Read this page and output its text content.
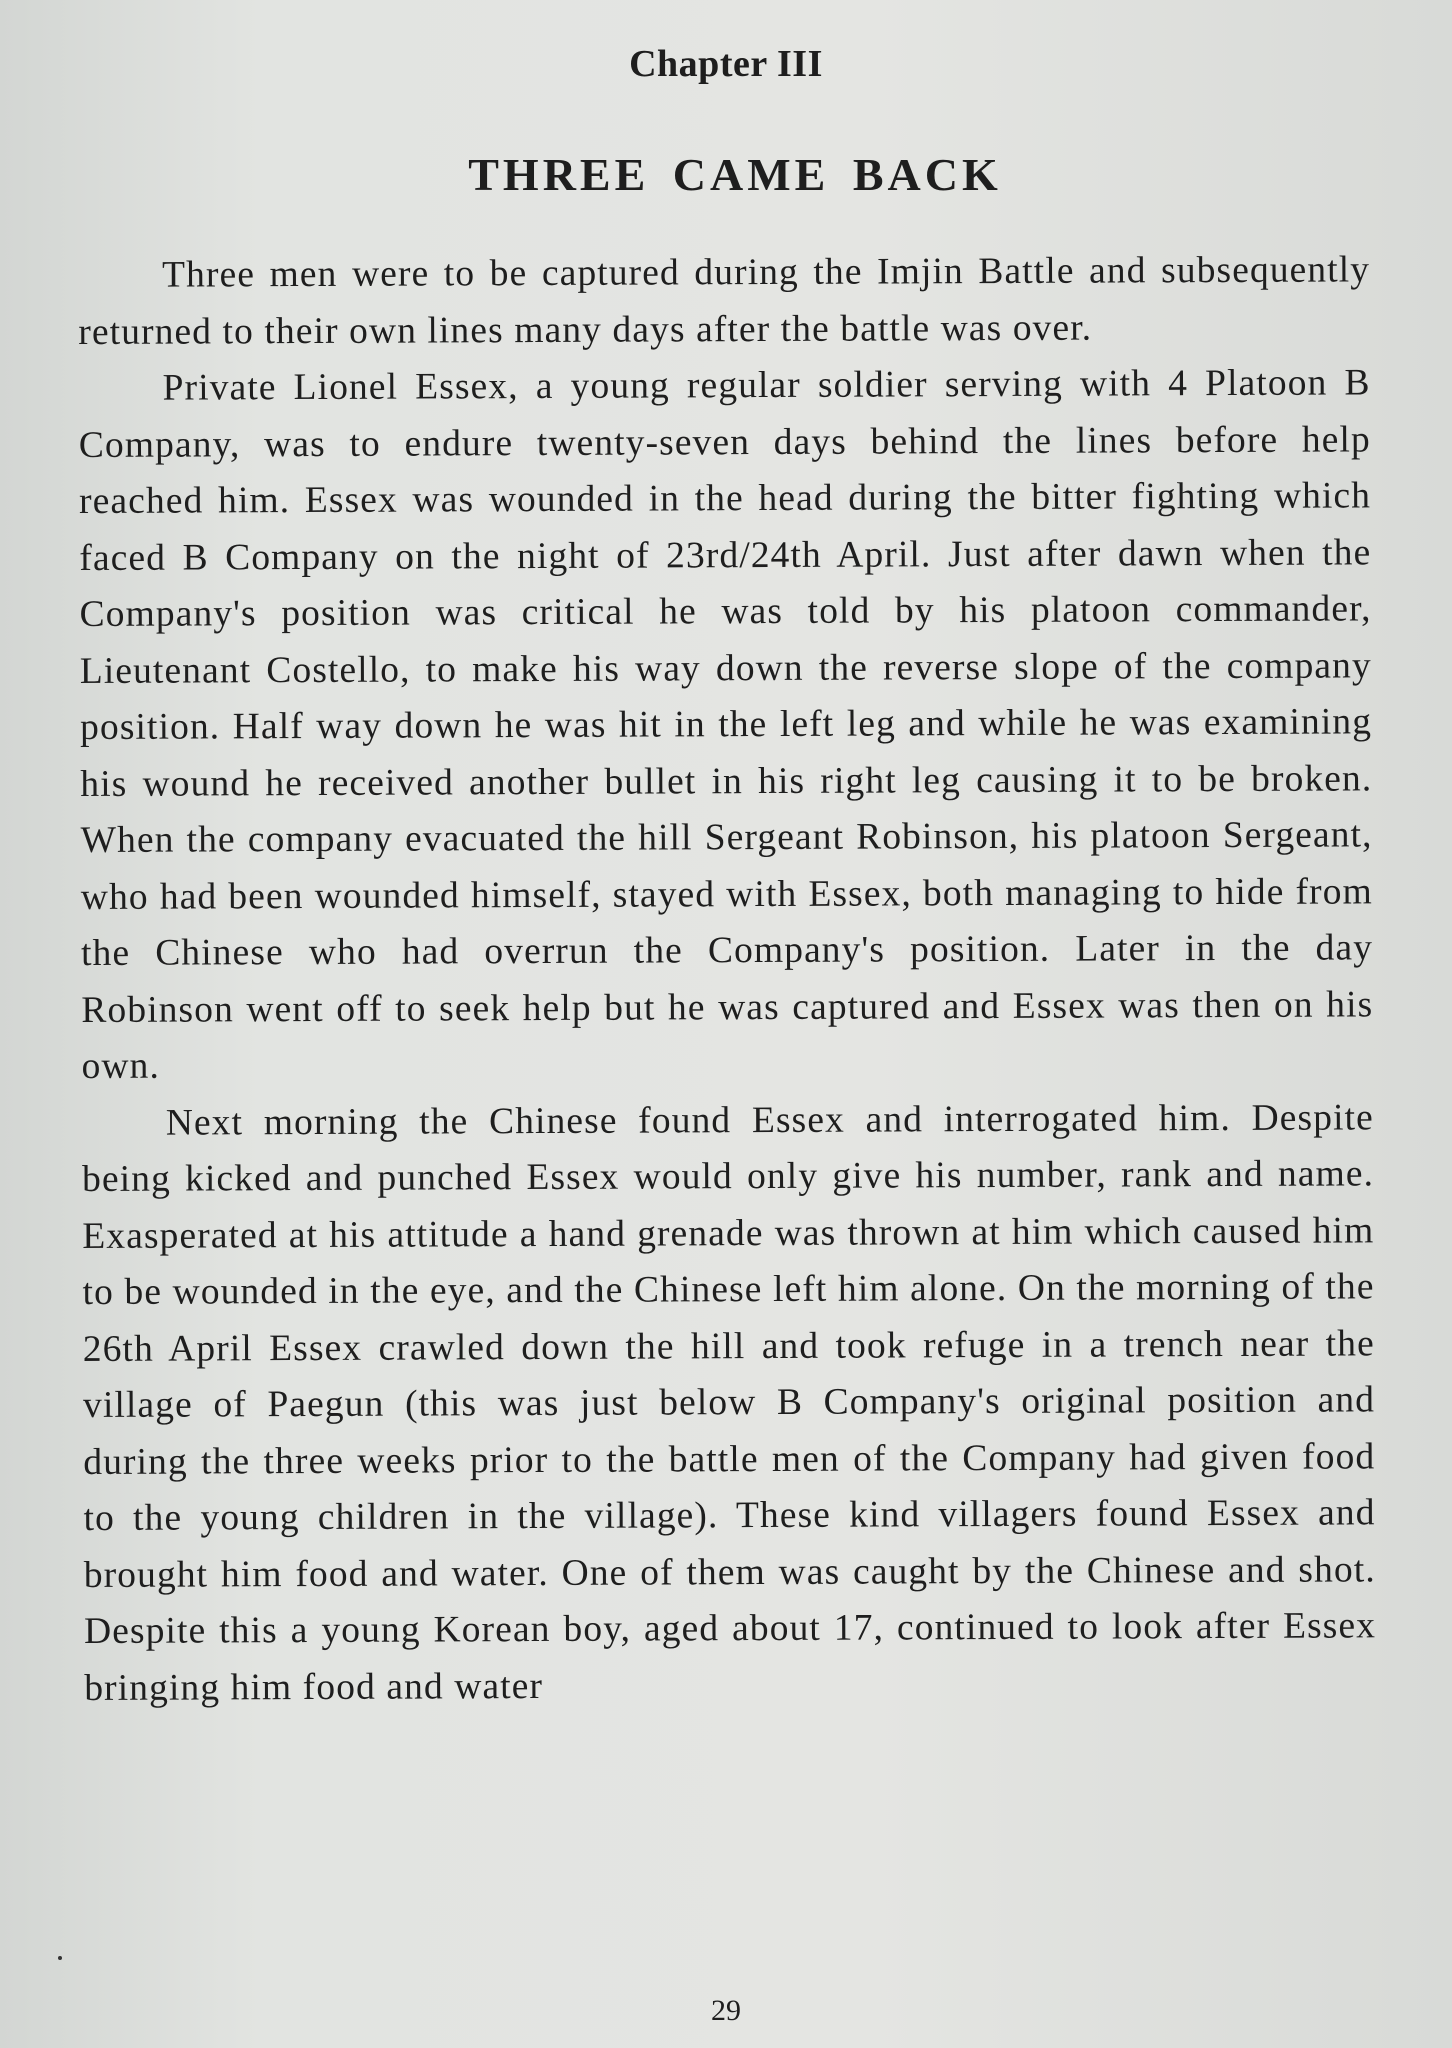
Chapter III
THREE CAME BACK

Three men were to be captured during the Imjin Battle and subsequently returned to their own lines many days after the battle was over.

Private Lionel Essex, a young regular soldier serving with 4 Platoon B Company, was to endure twenty-seven days behind the lines before help reached him. Essex was wounded in the head during the bitter fighting which faced B Company on the night of 23rd/24th April. Just after dawn when the Company's position was critical he was told by his platoon commander, Lieutenant Costello, to make his way down the reverse slope of the company position. Half way down he was hit in the left leg and while he was examining his wound he received another bullet in his right leg causing it to be broken. When the company evacuated the hill Sergeant Robinson, his platoon Sergeant, who had been wounded himself, stayed with Essex, both managing to hide from the Chinese who had overrun the Company's position. Later in the day Robinson went off to seek help but he was captured and Essex was then on his own.

Next morning the Chinese found Essex and interrogated him. Despite being kicked and punched Essex would only give his number, rank and name. Exasperated at his attitude a hand grenade was thrown at him which caused him to be wounded in the eye, and the Chinese left him alone. On the morning of the 26th April Essex crawled down the hill and took refuge in a trench near the village of Paegun (this was just below B Company's original position and during the three weeks prior to the battle men of the Company had given food to the young children in the village). These kind villagers found Essex and brought him food and water. One of them was caught by the Chinese and shot. Despite this a young Korean boy, aged about 17, continued to look after Essex bringing him food and water

29
